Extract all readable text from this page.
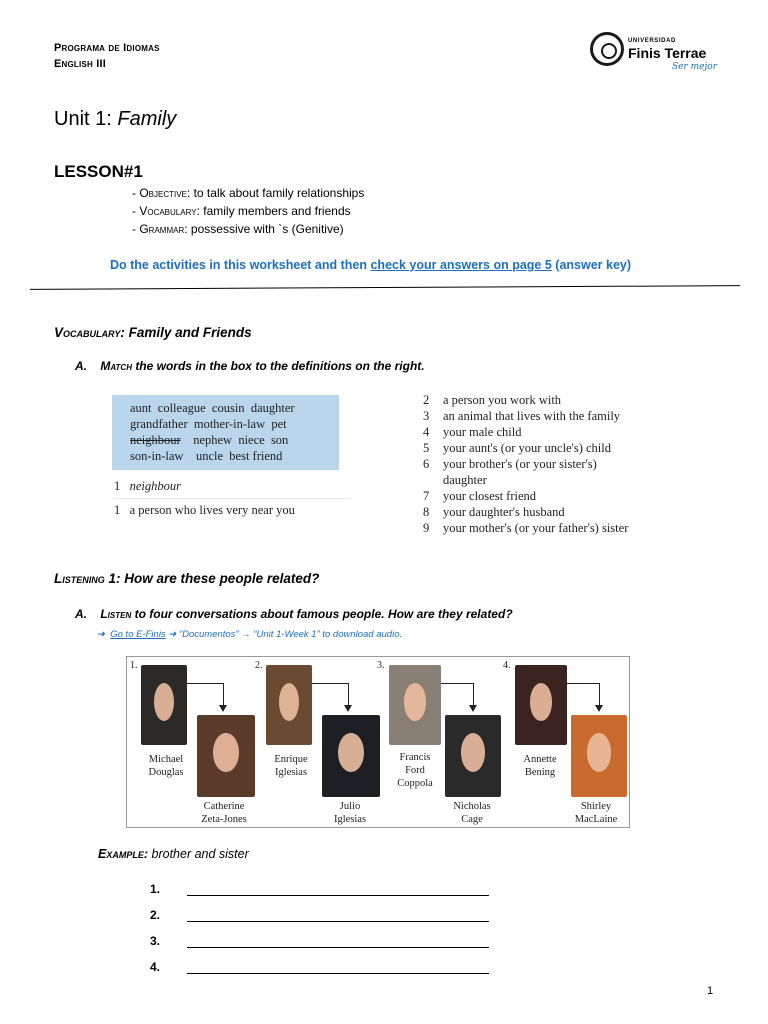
Programa de Idiomas
English III
UNIVERSIDAD
Finis Terrae
Ser mejor
Unit 1: Family
LESSON#1
- Objective: to talk about family relationships
- Vocabulary: family members and friends
- Grammar: possessive with `s (Genitive)
Do the activities in this worksheet and then check your answers on page 5 (answer key)
Vocabulary: Family and Friends
A. Match the words in the box to the definitions on the right.
aunt colleague cousin daughter
grandfather mother-in-law pet
neighbour nephew niece son
son-in-law uncle best friend
1 neighbour
1 a person who lives very near you
2	a person you work with
3	an animal that lives with the family
4	your male child
5	your aunt's (or your uncle's) child
6	your brother's (or your sister's)
daughter
7	your closest friend
8	your daughter's husband
9	your mother's (or your father's) sister
Listening 1: How are these people related?
A. Listen to four conversations about famous people. How are they related?
➜ Go to E-Finis ➜ “Documentos” → “Unit 1-Week 1” to download audio.
1.
Michael
Douglas
Catherine
Zeta-Jones
2.
Enrique
Iglesias
Julio
Iglesias
3.
Francis
Ford
Coppola
Nicholas
Cage
4.
Annette
Bening
Shirley
MacLaine
Example: brother and sister
1.
2.
3.
4.
1
